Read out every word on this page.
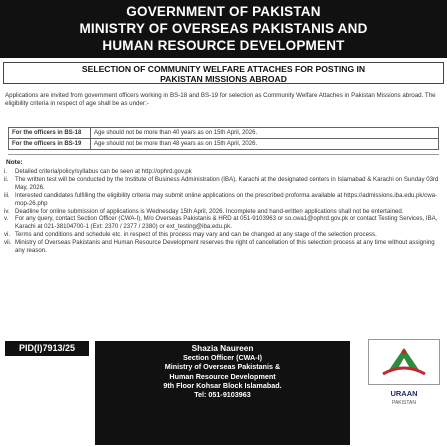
GOVERNMENT OF PAKISTAN
MINISTRY OF OVERSEAS PAKISTANIS AND
HUMAN RESOURCE DEVELOPMENT
SELECTION OF COMMUNITY WELFARE ATTACHES FOR POSTING IN
PAKISTAN MISSIONS ABROAD
Applications are invited from government officers working in BS-18 and BS-19 for selection as Community Welfare Attaches in Pakistan Missions abroad. The eligibility criteria in respect of age shall be as under:-
For the officers in BS-18	Age should not be more than 40 years as on 15th April, 2026.
For the officers in BS-19	Age should not be more than 48 years as on 15th April, 2026.
Note:
i.	Detailed criteria/policy/syllabus can be seen at http://ophrd.gov.pk
ii.	The written test will be conducted by the Institute of Business Administration (IBA), Karachi at the designated centers in Islamabad & Karachi on Sunday 03rd May, 2026.
iii. Interested candidates fulfilling the eligibility criteria may submit online applications on the prescribed proforma available at https://admissions.iba.edu.pk/cwa-mop-26.php
iv. Deadline for online submission of applications is Wednesday 15th April, 2026. Incomplete and hand-written applications shall not be entertained.
v.	For any query, contact Section Officer (CWA-I), M/o Overseas Pakistanis & HRD at 051-9103963 or so.cwa1@ophrd.gov.pk or contact Testing Services, IBA, Karachi at 021-38104700-1 (Ext: 2370 / 2377 / 2380) or ext_testing@iba.edu.pk.
vi. Terms and conditions and schedule etc. in respect of this process may vary and can be changed at any stage of the selection process.
vii. Ministry of Overseas Pakistanis and Human Resource Development reserves the right of cancellation of this selection process at any time without assigning any reason.
PID(I)7913/25	Shazia Naureen
Section Officer (CWA-I)
Ministry of Overseas Pakistanis &
Human Resource Development
9th Floor Kohsar Block Islamabad.
Tel: 051-9103963	URAAN
PAKISTAN
